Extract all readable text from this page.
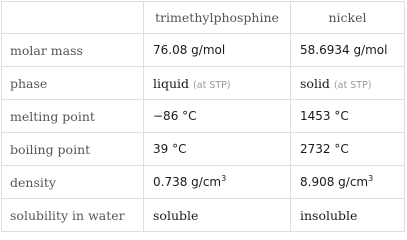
	trimethylphosphine	nickel
molar mass	76.08 g/mol	58.6934 g/mol
phase	liquid (at STP)	solid (at STP)
melting point	−86 °C	1453 °C
boiling point	39 °C	2732 °C
density	0.738 $g/cm^3$	8.908 $g/cm^3$
solubility in water	soluble	insoluble
